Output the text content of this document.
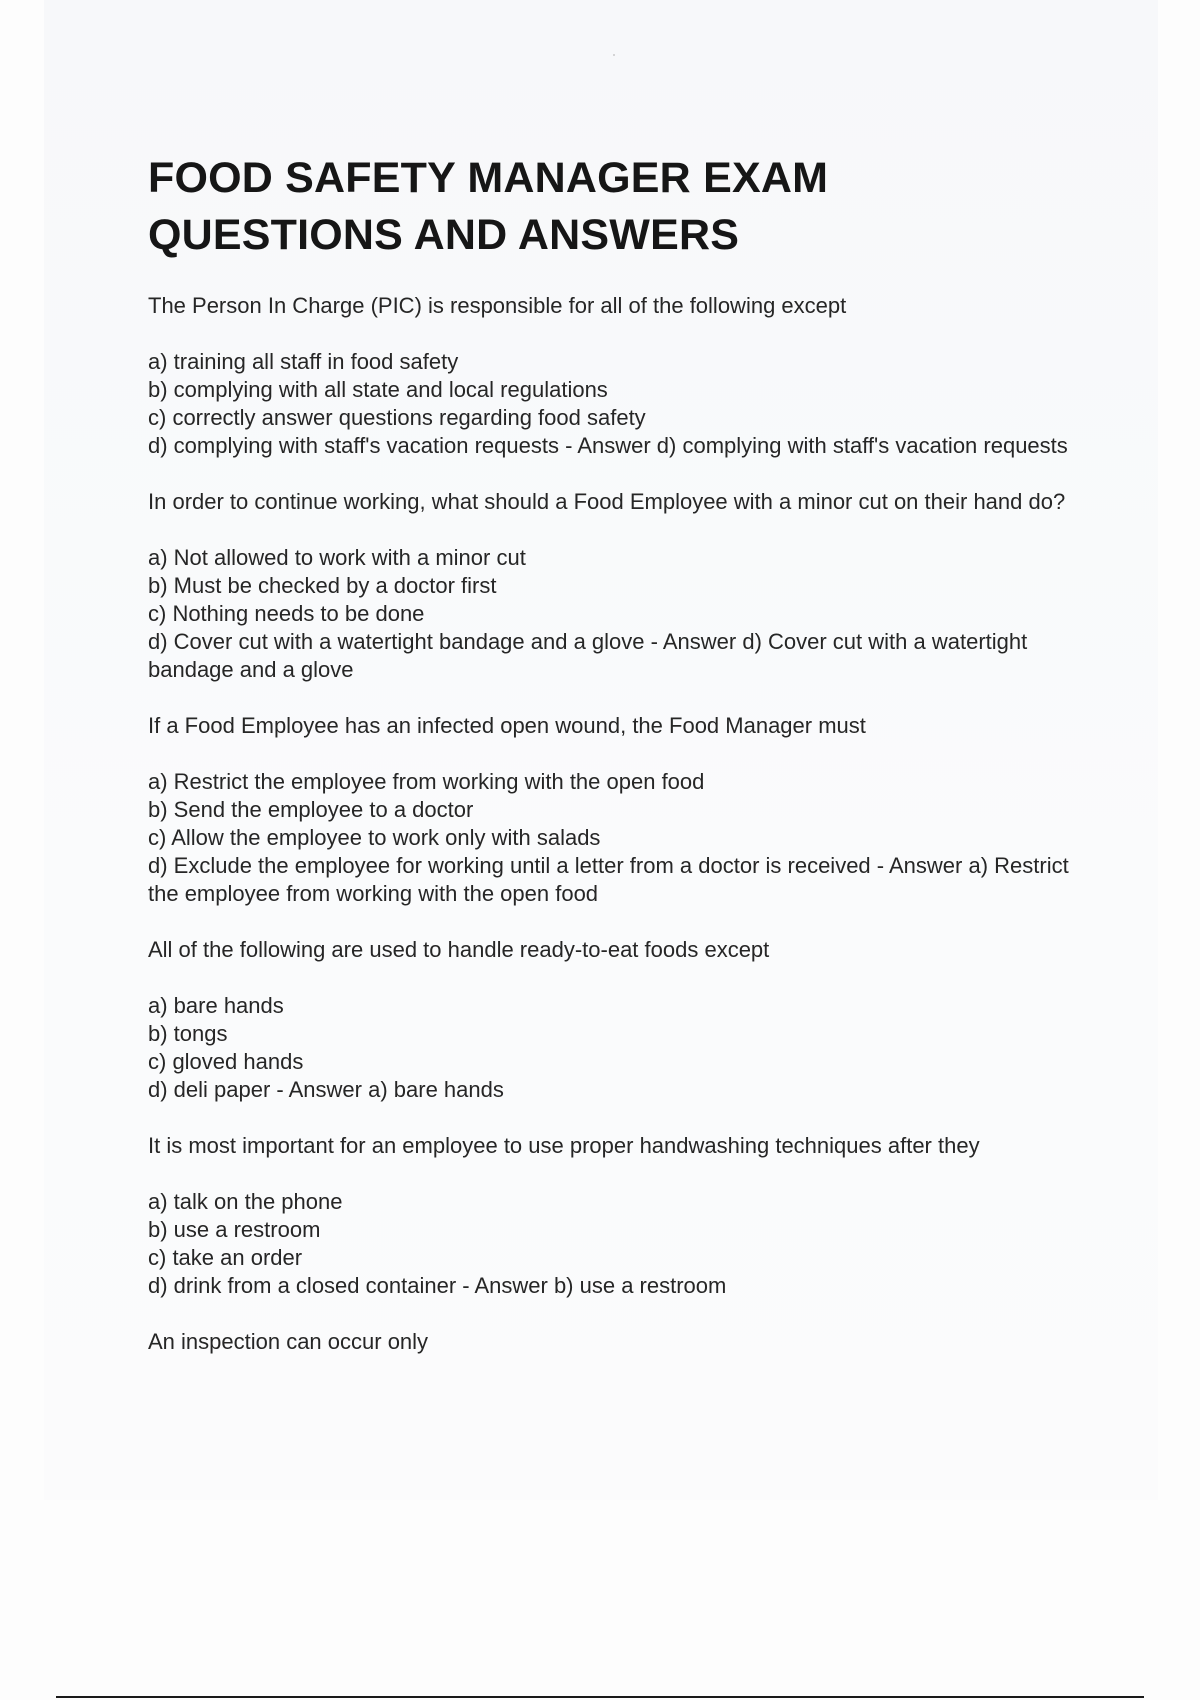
FOOD SAFETY MANAGER EXAM
QUESTIONS AND ANSWERS

The Person In Charge (PIC) is responsible for all of the following except

a) training all staff in food safety
b) complying with all state and local regulations
c) correctly answer questions regarding food safety
d) complying with staff's vacation requests - Answer d) complying with staff's vacation requests

In order to continue working, what should a Food Employee with a minor cut on their hand do?

a) Not allowed to work with a minor cut
b) Must be checked by a doctor first
c) Nothing needs to be done
d) Cover cut with a watertight bandage and a glove - Answer d) Cover cut with a watertight bandage and a glove

If a Food Employee has an infected open wound, the Food Manager must

a) Restrict the employee from working with the open food
b) Send the employee to a doctor
c) Allow the employee to work only with salads
d) Exclude the employee for working until a letter from a doctor is received - Answer a) Restrict the employee from working with the open food

All of the following are used to handle ready-to-eat foods except

a) bare hands
b) tongs
c) gloved hands
d) deli paper - Answer a) bare hands

It is most important for an employee to use proper handwashing techniques after they

a) talk on the phone
b) use a restroom
c) take an order
d) drink from a closed container - Answer b) use a restroom

An inspection can occur only
